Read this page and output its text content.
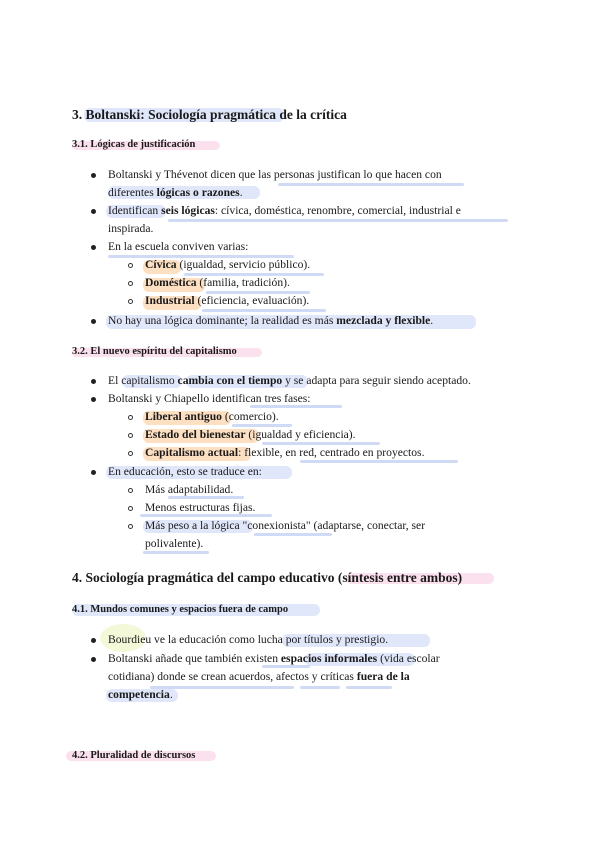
3. Boltanski: Sociología pragmática de la crítica
3.1. Lógicas de justificación
Boltanski y Thévenot dicen que las personas justifican lo que hacen con
diferentes lógicas o razones.
Identifican seis lógicas: cívica, doméstica, renombre, comercial, industrial e
inspirada.
En la escuela conviven varias:
Cívica (igualdad, servicio público).
Doméstica (familia, tradición).
Industrial (eficiencia, evaluación).
No hay una lógica dominante; la realidad es más mezclada y flexible.
3.2. El nuevo espíritu del capitalismo
El capitalismo cambia con el tiempo y se adapta para seguir siendo aceptado.
Boltanski y Chiapello identifican tres fases:
Liberal antiguo (comercio).
Estado del bienestar (igualdad y eficiencia).
Capitalismo actual: flexible, en red, centrado en proyectos.
En educación, esto se traduce en:
Más adaptabilidad.
Menos estructuras fijas.
Más peso a la lógica "conexionista" (adaptarse, conectar, ser
polivalente).
4. Sociología pragmática del campo educativo (síntesis entre ambos)
4.1. Mundos comunes y espacios fuera de campo
Bourdieu ve la educación como lucha por títulos y prestigio.
Boltanski añade que también existen espacios informales (vida escolar
cotidiana) donde se crean acuerdos, afectos y críticas fuera de la
competencia.
4.2. Pluralidad de discursos
